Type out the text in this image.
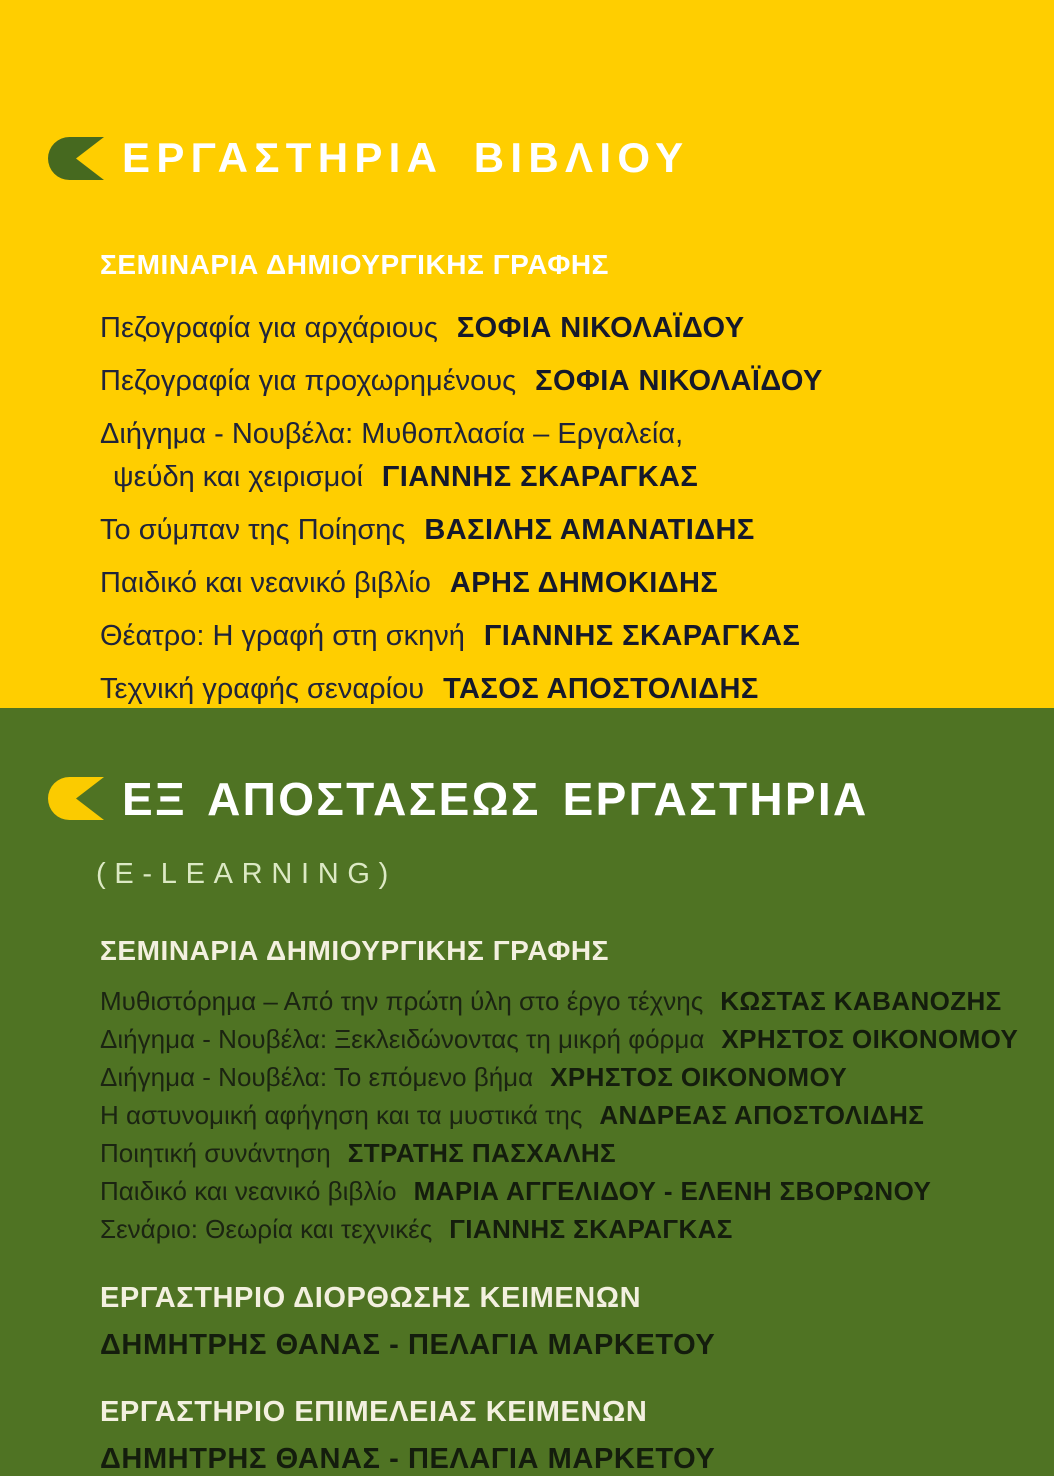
ΕΡΓΑΣΤΗΡΙΑ ΒΙΒΛΙΟΥ
ΣΕΜΙΝΑΡΙΑ ΔΗΜΙΟΥΡΓΙΚΗΣ ΓΡΑΦΗΣ
Πεζογραφία για αρχάριους ΣΟΦΙΑ ΝΙΚΟΛΑΪΔΟΥ
Πεζογραφία για προχωρημένους ΣΟΦΙΑ ΝΙΚΟΛΑΪΔΟΥ
Διήγημα - Νουβέλα: Μυθοπλασία – Εργαλεία,
ψεύδη και χειρισμοί ΓΙΑΝΝΗΣ ΣΚΑΡΑΓΚΑΣ
Το σύμπαν της Ποίησης ΒΑΣΙΛΗΣ ΑΜΑΝΑΤΙΔΗΣ
Παιδικό και νεανικό βιβλίο ΑΡΗΣ ΔΗΜΟΚΙΔΗΣ
Θέατρο: Η γραφή στη σκηνή ΓΙΑΝΝΗΣ ΣΚΑΡΑΓΚΑΣ
Τεχνική γραφής σεναρίου ΤΑΣΟΣ ΑΠΟΣΤΟΛΙΔΗΣ
ΕΞ ΑΠΟΣΤΑΣΕΩΣ ΕΡΓΑΣΤΗΡΙΑ
(E-LEARNING)
ΣΕΜΙΝΑΡΙΑ ΔΗΜΙΟΥΡΓΙΚΗΣ ΓΡΑΦΗΣ
Μυθιστόρημα – Από την πρώτη ύλη στο έργο τέχνης ΚΩΣΤΑΣ ΚΑΒΑΝΟΖΗΣ
Διήγημα - Νουβέλα: Ξεκλειδώνοντας τη μικρή φόρμα ΧΡΗΣΤΟΣ ΟΙΚΟΝΟΜΟΥ
Διήγημα - Νουβέλα: Το επόμενο βήμα ΧΡΗΣΤΟΣ ΟΙΚΟΝΟΜΟΥ
Η αστυνομική αφήγηση και τα μυστικά της ΑΝΔΡΕΑΣ ΑΠΟΣΤΟΛΙΔΗΣ
Ποιητική συνάντηση ΣΤΡΑΤΗΣ ΠΑΣΧΑΛΗΣ
Παιδικό και νεανικό βιβλίο ΜΑΡΙΑ ΑΓΓΕΛΙΔΟΥ - ΕΛΕΝΗ ΣΒΟΡΩΝΟΥ
Σενάριο: Θεωρία και τεχνικές ΓΙΑΝΝΗΣ ΣΚΑΡΑΓΚΑΣ
ΕΡΓΑΣΤΗΡΙΟ ΔΙΟΡΘΩΣΗΣ ΚΕΙΜΕΝΩΝ
ΔΗΜΗΤΡΗΣ ΘΑΝΑΣ - ΠΕΛΑΓΙΑ ΜΑΡΚΕΤΟΥ
ΕΡΓΑΣΤΗΡΙΟ ΕΠΙΜΕΛΕΙΑΣ ΚΕΙΜΕΝΩΝ
ΔΗΜΗΤΡΗΣ ΘΑΝΑΣ - ΠΕΛΑΓΙΑ ΜΑΡΚΕΤΟΥ
